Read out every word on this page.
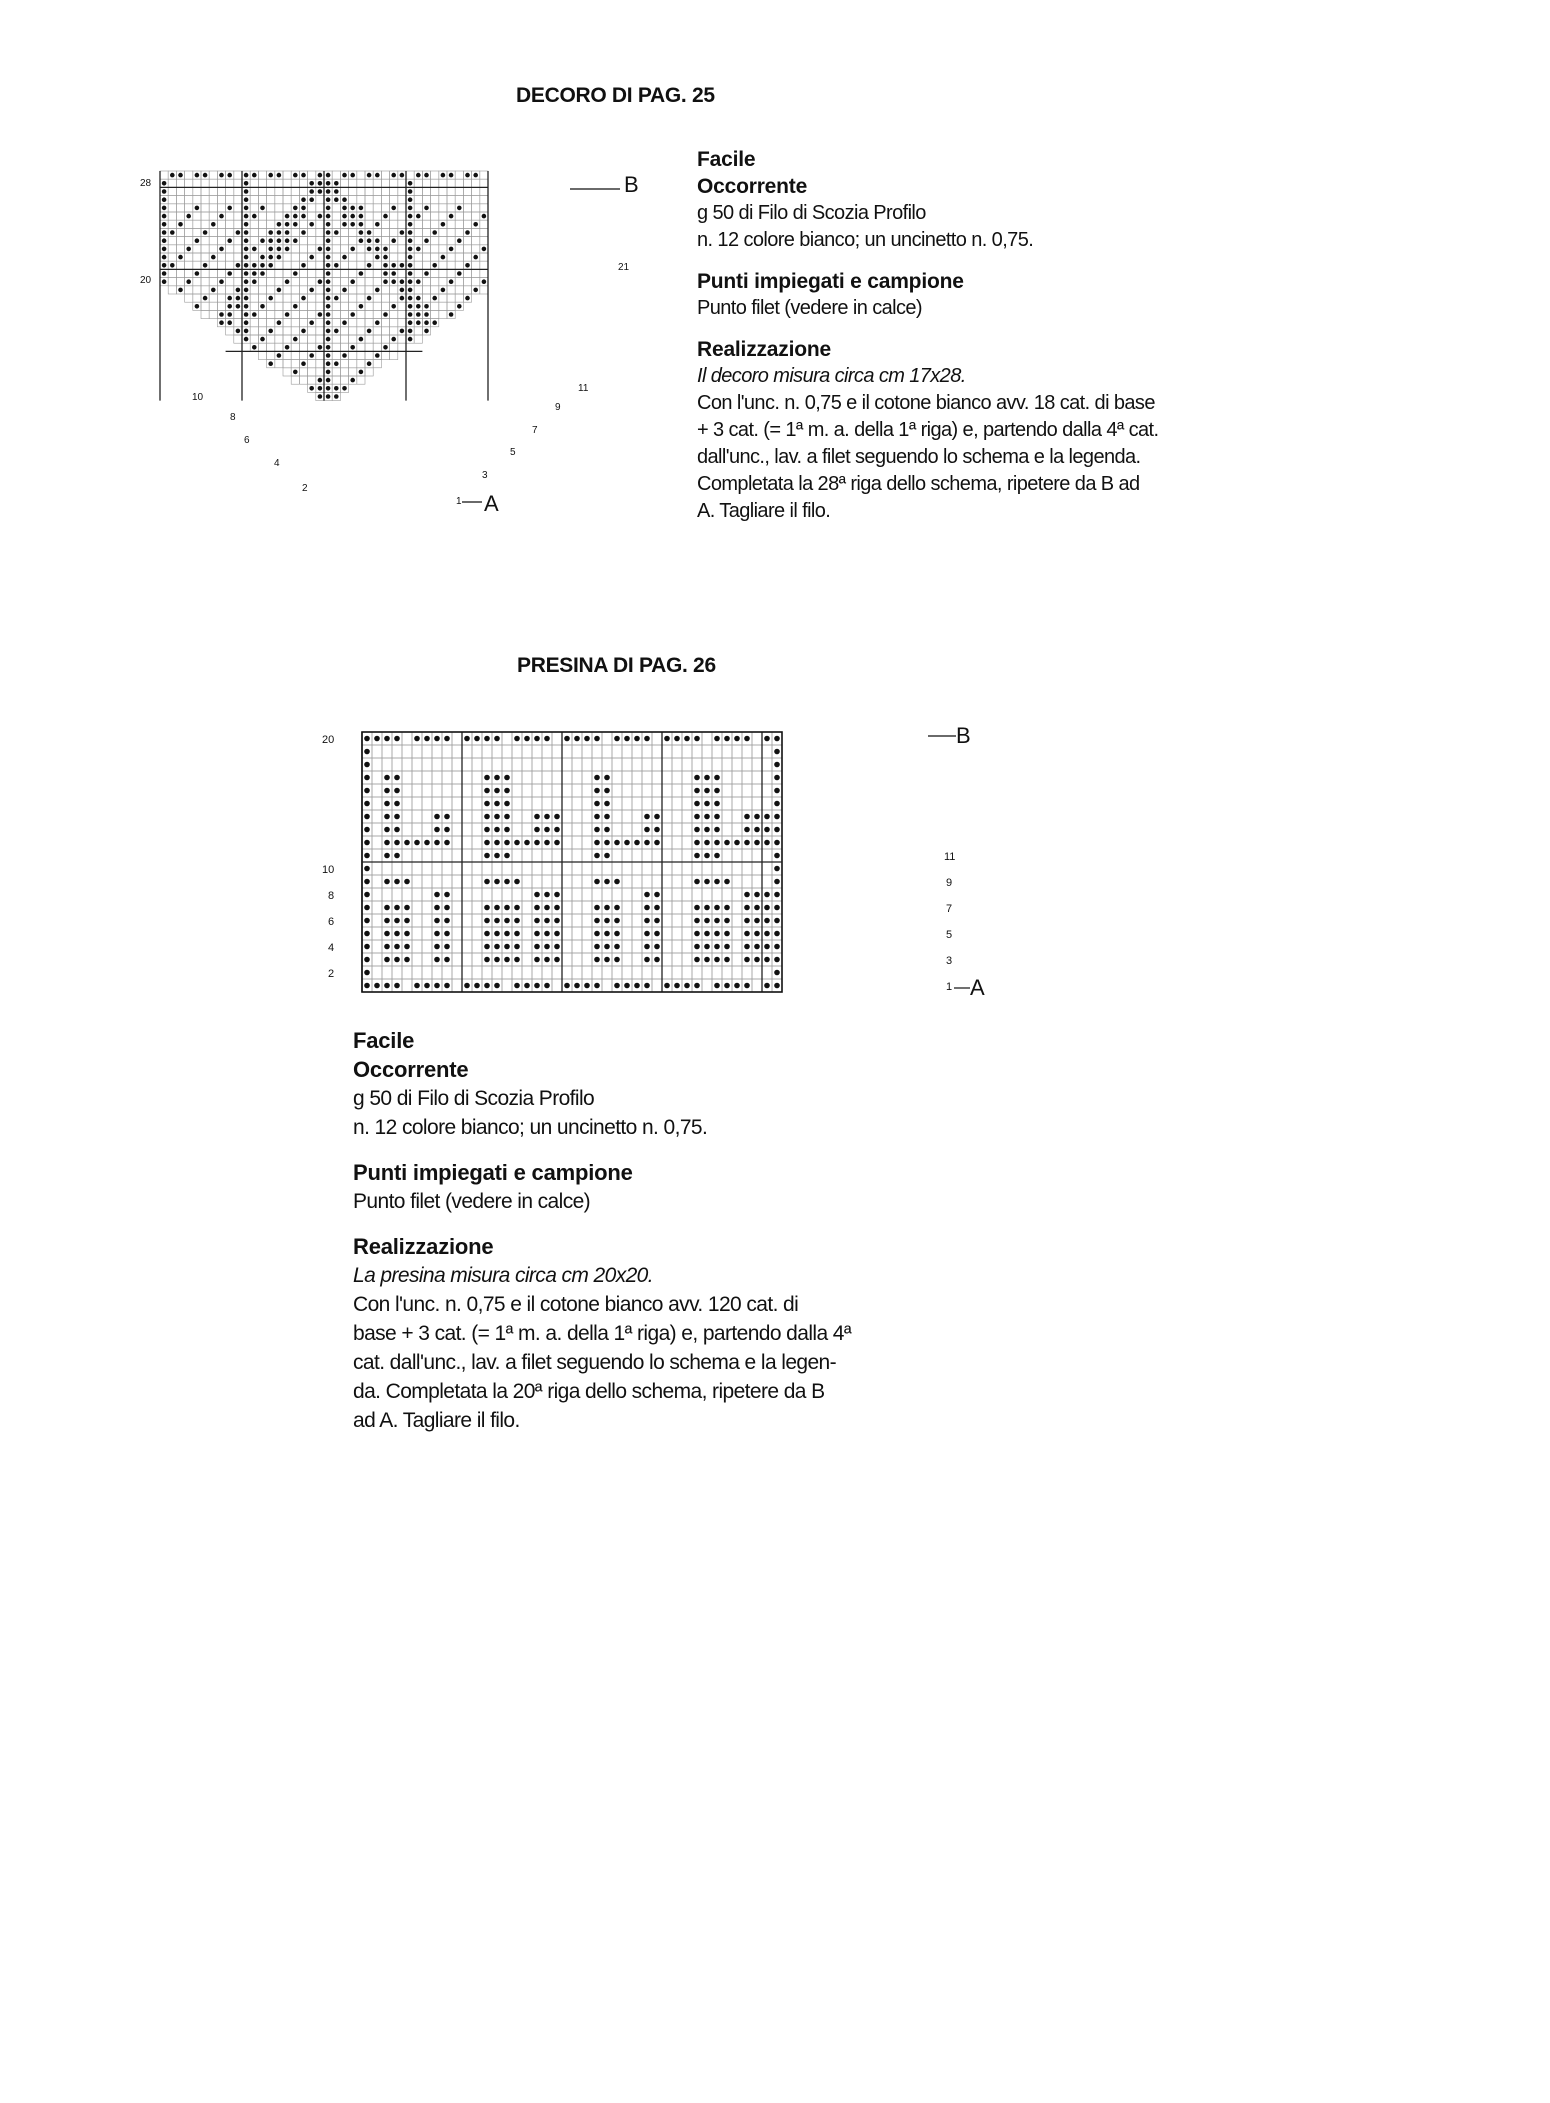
DECORO DI PAG. 25
28
20
21
11
10
9
8
7
6
5
4
3
2
1
B
A
Facile
Occorrente
g 50 di Filo di Scozia Profilo
n. 12 colore bianco; un uncinetto n. 0,75.
Punti impiegati e campione
Punto filet (vedere in calce)
Realizzazione
Il decoro misura circa cm 17x28.
Con l'unc. n. 0,75 e il cotone bianco avv. 18 cat. di base
+ 3 cat. (= 1ª m. a. della 1ª riga) e, partendo dalla 4ª cat.
dall'unc., lav. a filet seguendo lo schema e la legenda.
Completata la 28ª riga dello schema, ripetere da B ad
A. Tagliare il filo.
PRESINA DI PAG. 26
20
10
8
6
4
2
11
9
7
5
3
1
B
A
Facile
Occorrente
g 50 di Filo di Scozia Profilo
n. 12 colore bianco; un uncinetto n. 0,75.
Punti impiegati e campione
Punto filet (vedere in calce)
Realizzazione
La presina misura circa cm 20x20.
Con l'unc. n. 0,75 e il cotone bianco avv. 120 cat. di
base + 3 cat. (= 1ª m. a. della 1ª riga) e, partendo dalla 4ª
cat. dall'unc., lav. a filet seguendo lo schema e la legen-
da. Completata la 20ª riga dello schema, ripetere da B
ad A. Tagliare il filo.
